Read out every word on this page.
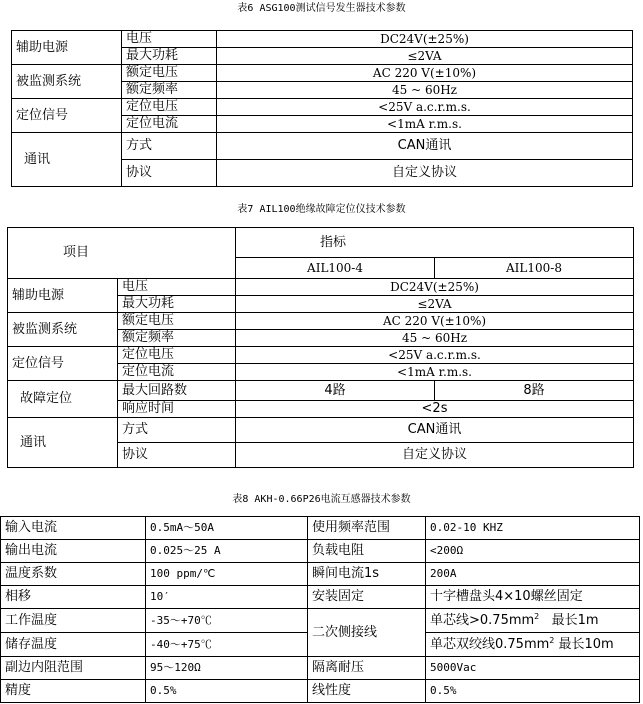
表6 ASG100测试信号发生器技术参数
辅助电源	电压	DC24V(±25%)
	最大功耗	≤2VA
被监测系统	额定电压	AC 220 V(±10%)
	额定频率	45 ~ 60Hz
定位信号	定位电压	<25V a.c.r.m.s.
	定位电流	<1mA r.m.s.
通讯	方式	CAN通讯
	协议	自定义协议
表7 AIL100绝缘故障定位仪技术参数
项目		指标	
		AIL100-4	AIL100-8
辅助电源	电压	DC24V(±25%)	
	最大功耗	≤2VA	
被监测系统	额定电压	AC 220 V(±10%)	
	额定频率	45 ~ 60Hz	
定位信号	定位电压	<25V a.c.r.m.s.	
	定位电流	<1mA r.m.s.	
故障定位	最大回路数	4路	8路
	响应时间	<2s	
通讯	方式	CAN通讯	
	协议	自定义协议	
表8 AKH-0.66P26电流互感器技术参数
输入电流	0.5mA～50A	使用频率范围	0.02-10 KHZ
输出电流	0.025～25 A	负载电阻	<200Ω
温度系数	100 ppm/℃	瞬间电流1s	200A
相移	10′	安装固定	十字槽盘头4×10螺丝固定
工作温度	-35～+70℃	二次侧接线	单芯线$>0.75mm^2$   最长1m
储存温度	-40～+75℃		单芯双绞线$0.75mm^2$ 最长10m
副边内阻范围	95～120Ω	隔离耐压	5000Vac
精度	0.5%	线性度	0.5%
